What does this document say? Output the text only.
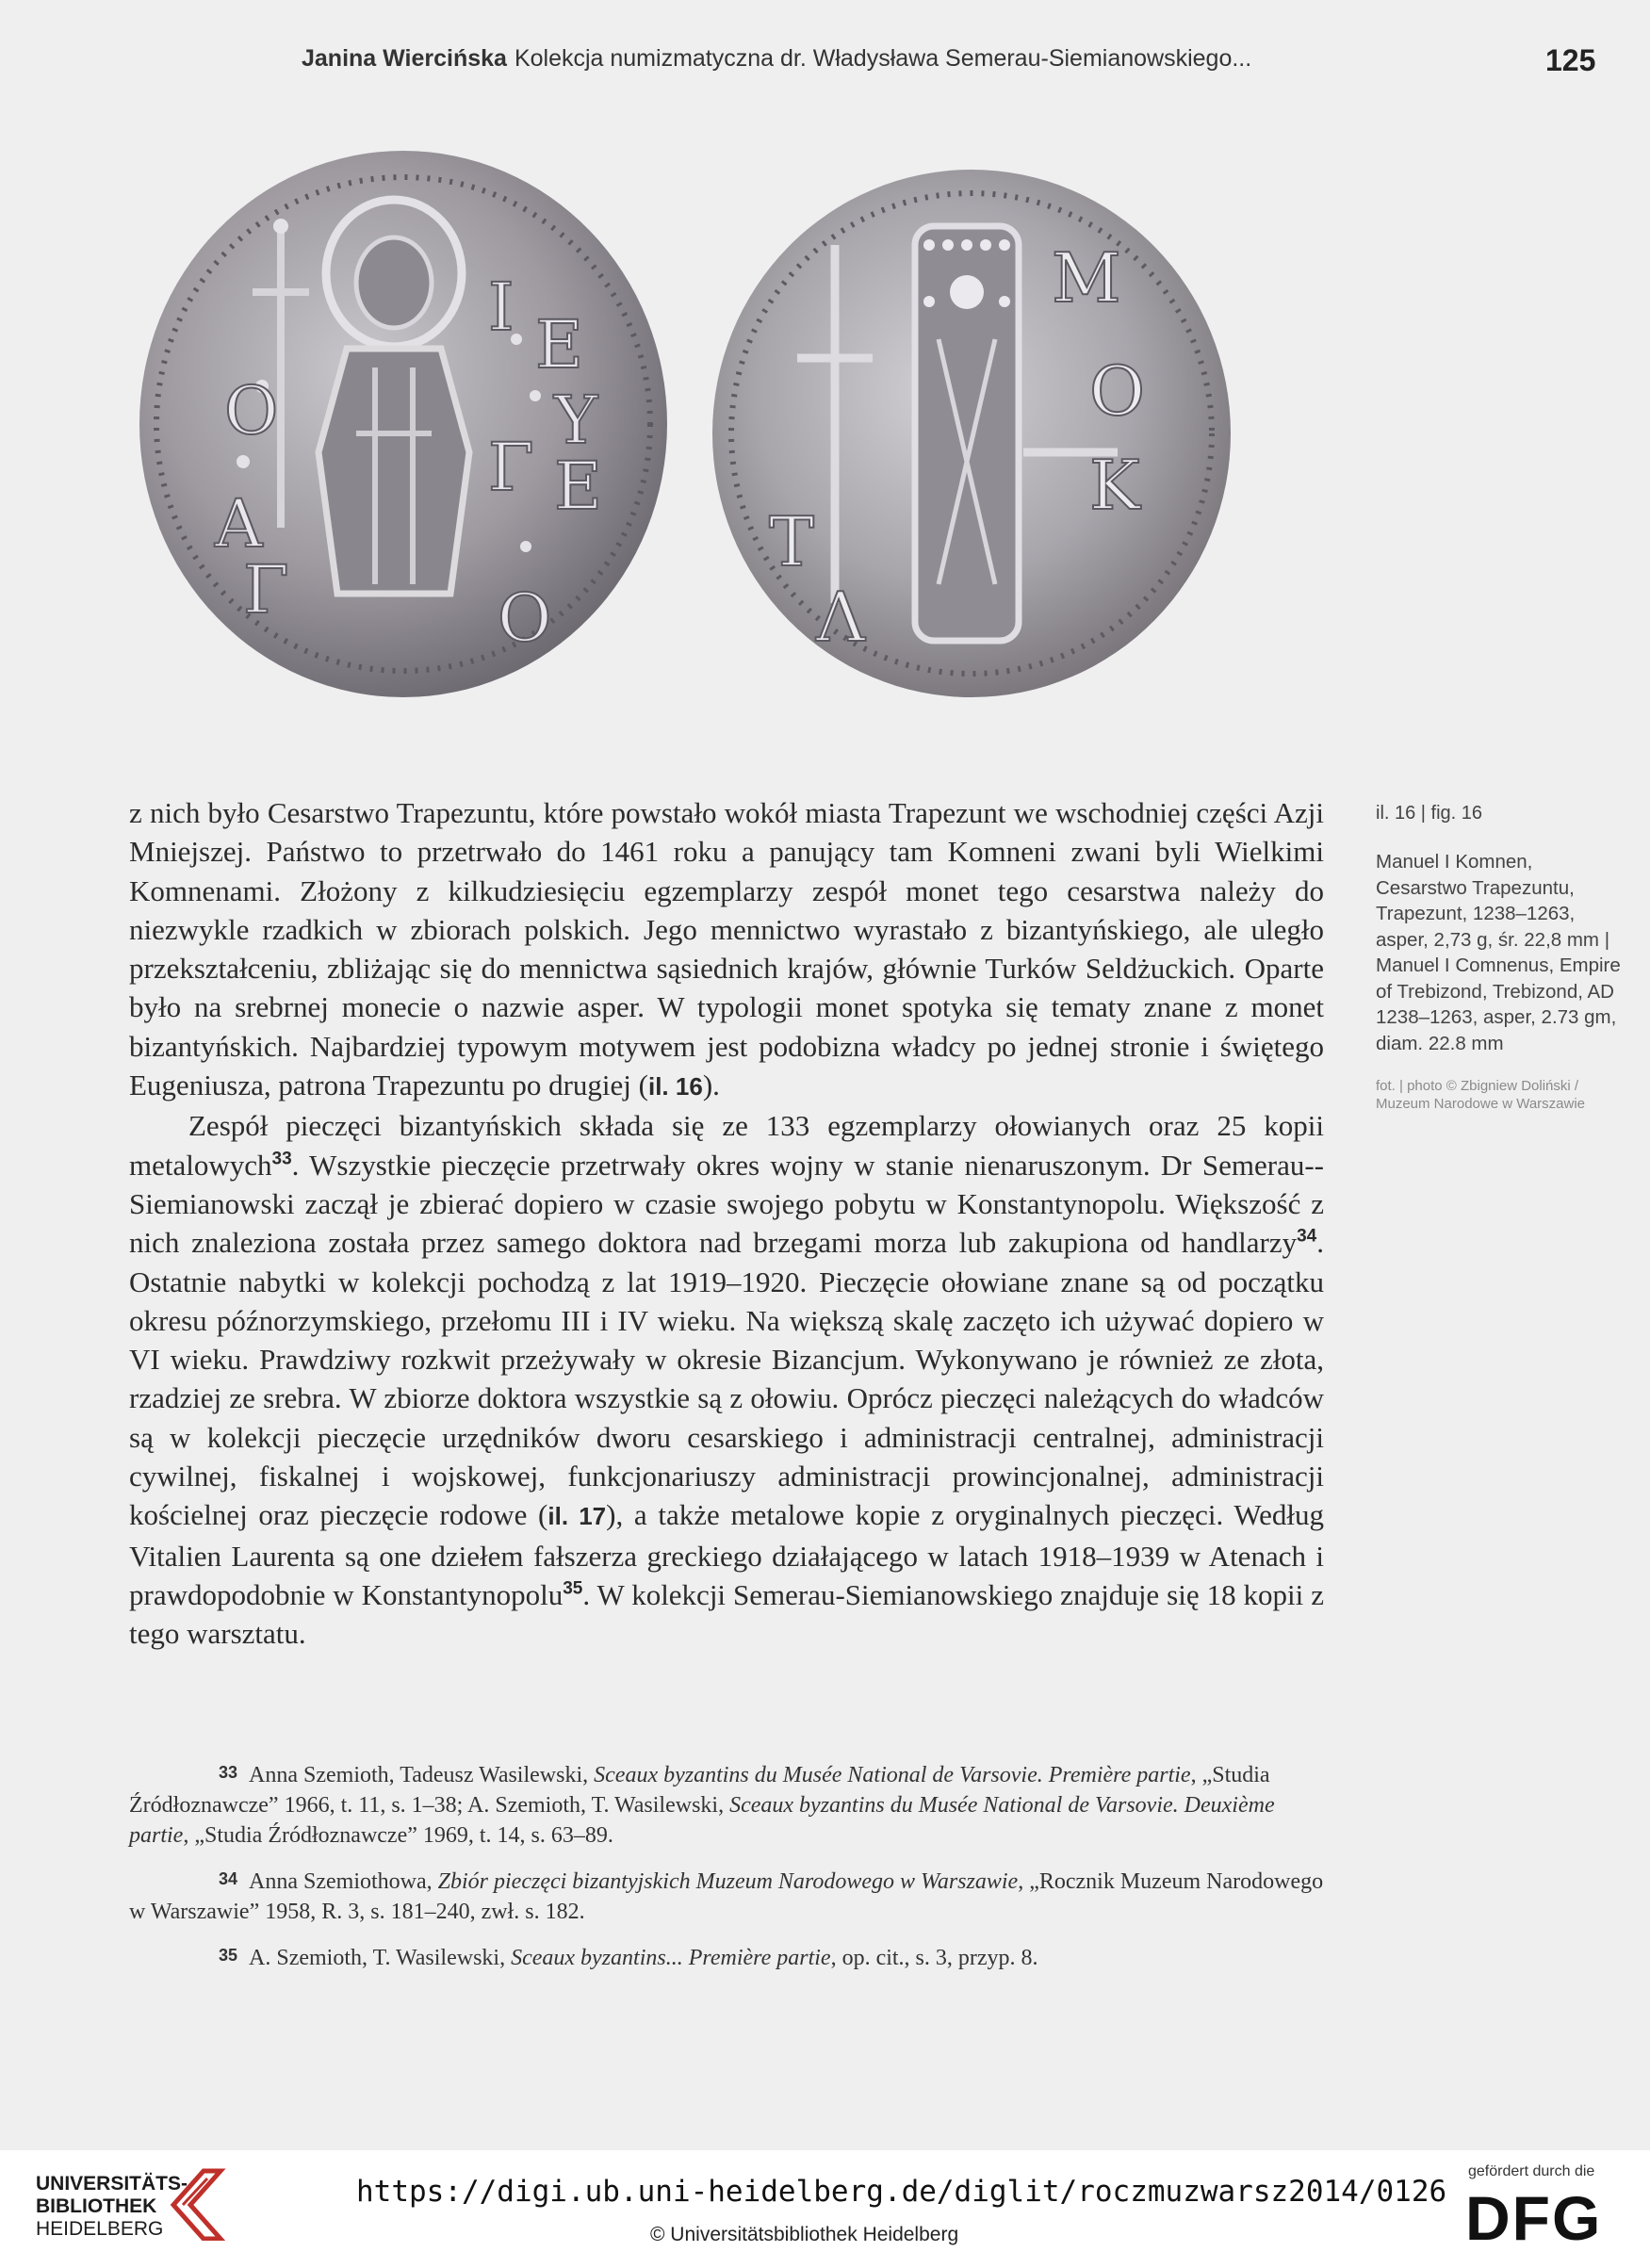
Janina Wiercińska Kolekcja numizmatyczna dr. Władysława Semerau-Siemianowskiego...	125
Ο
Α
Γ
Ι Ε
Υ
Γ Ε
Ο
Μ
Ο
Κ
Τ
Λ

z nich było Cesarstwo Trapezuntu, które powstało wokół miasta Trapezunt we wschodniej części Azji Mniejszej. Państwo to przetrwało do 1461 roku a panujący tam Komneni zwani byli Wielkimi Komnenami. Złożony z kilkudziesięciu egzemplarzy zespół monet tego cesarstwa należy do niezwykle rzadkich w zbiorach polskich. Jego mennictwo wyrastało z bizantyńskiego, ale uległo przekształceniu, zbliżając się do mennictwa sąsiednich krajów, głównie Turków Seldżuckich. Oparte było na srebrnej monecie o nazwie asper. W typologii monet spotyka się tematy znane z monet bizantyńskich. Najbardziej typowym motywem jest podobizna władcy po jednej stronie i świętego Eugeniusza, patrona Trapezuntu po drugiej (il. 16).

Zespół pieczęci bizantyńskich składa się ze 133 egzemplarzy ołowianych oraz 25 kopii metalowych$^{33}$. Wszystkie pieczęcie przetrwały okres wojny w stanie nienaruszonym. Dr Semerau--Siemianowski zaczął je zbierać dopiero w czasie swojego pobytu w Konstantynopolu. Większość z nich znaleziona została przez samego doktora nad brzegami morza lub zakupiona od handlarzy$^{34}$. Ostatnie nabytki w kolekcji pochodzą z lat 1919–1920. Pieczęcie ołowiane znane są od początku okresu późnorzymskiego, przełomu III i IV wieku. Na większą skalę zaczęto ich używać dopiero w VI wieku. Prawdziwy rozkwit przeżywały w okresie Bizancjum. Wykonywano je również ze złota, rzadziej ze srebra. W zbiorze doktora wszystkie są z ołowiu. Oprócz pieczęci należących do władców są w kolekcji pieczęcie urzędników dworu cesarskiego i administracji centralnej, administracji cywilnej, fiskalnej i wojskowej, funkcjonariuszy administracji prowincjonalnej, administracji kościelnej oraz pieczęcie rodowe (il. 17), a także metalowe kopie z oryginalnych pieczęci. Według Vitalien Laurenta są one dziełem fałszerza greckiego działającego w latach 1918–1939 w Atenach i prawdopodobnie w Konstantynopolu$^{35}$. W kolekcji Semerau-Siemianowskiego znajduje się 18 kopii z tego warsztatu.

il. 16 | fig. 16
Manuel I Komnen, Cesarstwo Trapezuntu, Trapezunt, 1238–1263, asper, 2,73 g, śr. 22,8 mm | Manuel I Comnenus, Empire of Trebizond, Trebizond, AD 1238–1263, asper, 2.73 gm, diam. 22.8 mm
fot. | photo © Zbigniew Doliński / Muzeum Narodowe w Warszawie
33 Anna Szemioth, Tadeusz Wasilewski, Sceaux byzantins du Musée National de Varsovie. Première partie, „Studia Źródłoznawcze” 1966, t. 11, s. 1–38; A. Szemioth, T. Wasilewski, Sceaux byzantins du Musée National de Varsovie. Deuxième partie, „Studia Źródłoznawcze” 1969, t. 14, s. 63–89.
34 Anna Szemiothowa, Zbiór pieczęci bizantyjskich Muzeum Narodowego w Warszawie, „Rocznik Muzeum Narodowego w Warszawie” 1958, R. 3, s. 181–240, zwł. s. 182.
35 A. Szemioth, T. Wasilewski, Sceaux byzantins... Première partie, op. cit., s. 3, przyp. 8.
UNIVERSITÄTS-
BIBLIOTHEK
HEIDELBERG
https://digi.ub.uni-heidelberg.de/diglit/roczmuzwarsz2014/0126
© Universitätsbibliothek Heidelberg
gefördert durch die
DFG
